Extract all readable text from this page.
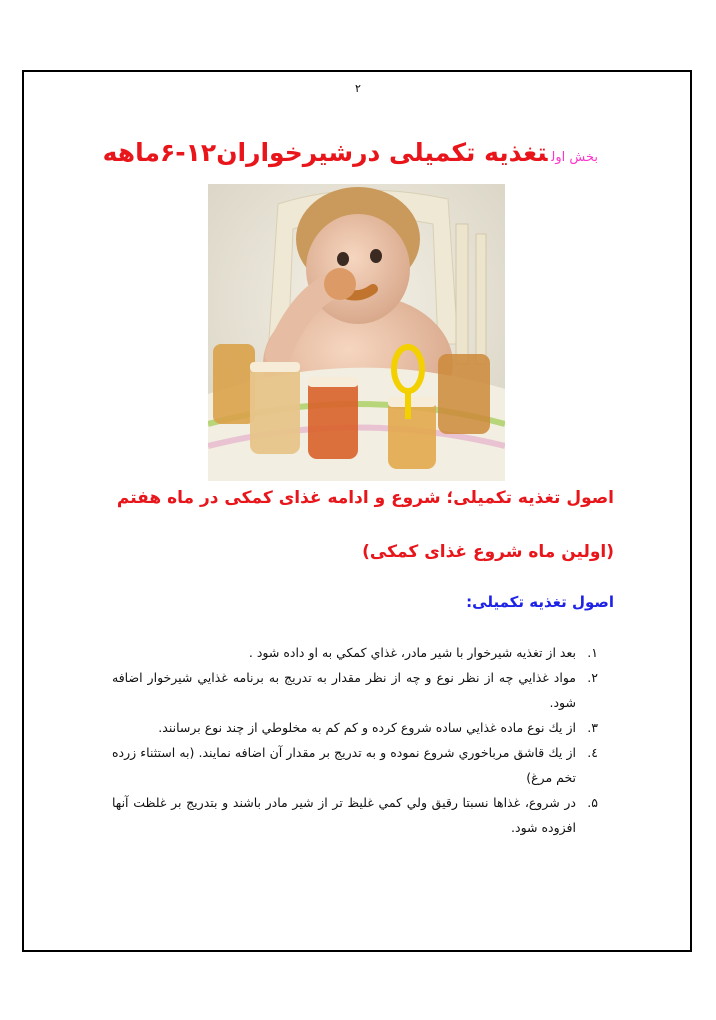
۲
بخش اولتغذیه تکمیلی درشیرخواران۱۲-۶ماهه
اصول تغذیه تکمیلی؛ شروع و ادامه غذای کمکی در ماه هفتم
(اولین ماه شروع غذای کمکی)
اصول تغذیه تکمیلی:
۱.
بعد از تغذيه شيرخوار با شير مادر، غذاي كمكي به او داده شود .
۲.
مواد غذايي چه از نظر نوع و چه از نظر مقدار به تدريج به برنامه غذايي شيرخوار اضافه شود.
۳.
از يك نوع ماده غذايي ساده شروع كرده و كم كم به مخلوطي از چند نوع برسانند.
٤.
از يك قاشق مرباخوري شروع نموده و به تدريج بر مقدار آن اضافه نمايند. (به استثناء زرده تخم مرغ)
۵.
در شروع، غذاها نسبتا رقيق ولي كمي غليظ تر از شير مادر باشند و بتدريج بر غلظت آنها افزوده شود.
